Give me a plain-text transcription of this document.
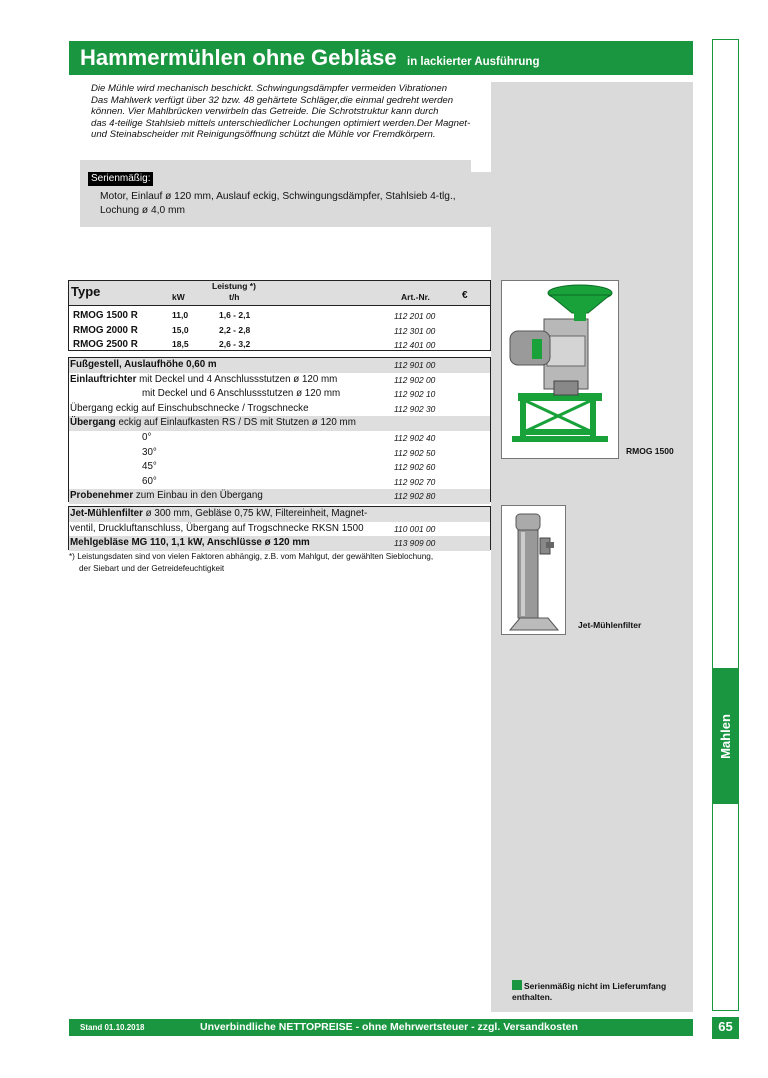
Hammermühlen ohne Gebläse in lackierter Ausführung
Mahlen
Die Mühle wird mechanisch beschickt. Schwingungsdämpfer vermeiden Vibrationen
Das Mahlwerk verfügt über 32 bzw. 48 gehärtete Schläger,die einmal gedreht werden
können. Vier Mahlbrücken verwirbeln das Getreide. Die Schrotstruktur kann durch
das 4-teilige Stahlsieb mittels unterschiedlicher Lochungen optimiert werden.Der Magnet-
und Steinabscheider mit Reinigungsöffnung schützt die Mühle vor Fremdkörpern.
Serienmäßig:
Motor, Einlauf ø 120 mm, Auslauf eckig, Schwingungsdämpfer, Stahlsieb 4-tlg.,
Lochung ø 4,0 mm
Type	Leistung *)
kW	t/h	Art.-Nr.	€
RMOG 1500 R	11,0	1,6 - 2,1	112 201 00
RMOG 2000 R	15,0	2,2 - 2,8	112 301 00
RMOG 2500 R	18,5	2,6 - 3,2	112 401 00
Fußgestell, Auslaufhöhe 0,60 m	112 901 00
Einlauftrichter mit Deckel und 4 Anschlussstutzen ø 120 mm	112 902 00
mit Deckel und 6 Anschlussstutzen ø 120 mm	112 902 10
Übergang eckig auf Einschubschnecke / Trogschnecke	112 902 30
Übergang eckig auf Einlaufkasten RS / DS mit Stutzen ø 120 mm
0°	112 902 40
30°	112 902 50
45°	112 902 60
60°	112 902 70
Probenehmer zum Einbau in den Übergang	112 902 80
Jet-Mühlenfilter ø 300 mm, Gebläse 0,75 kW, Filtereinheit, Magnet-
ventil, Druckluftanschluss, Übergang auf Trogschnecke RKSN 1500	110 001 00
Mehlgebläse MG 110, 1,1 kW, Anschlüsse ø 120 mm	113 909 00
*) Leistungsdaten sind von vielen Faktoren abhängig, z.B. vom Mahlgut, der gewählten Sieblochung,
der Siebart und der Getreidefeuchtigkeit
RMOG 1500
Jet-Mühlenfilter
Serienmäßig nicht im Lieferumfang
enthalten.
Stand 01.10.2018	Unverbindliche NETTOPREISE - ohne Mehrwertsteuer - zzgl. Versandkosten	65
